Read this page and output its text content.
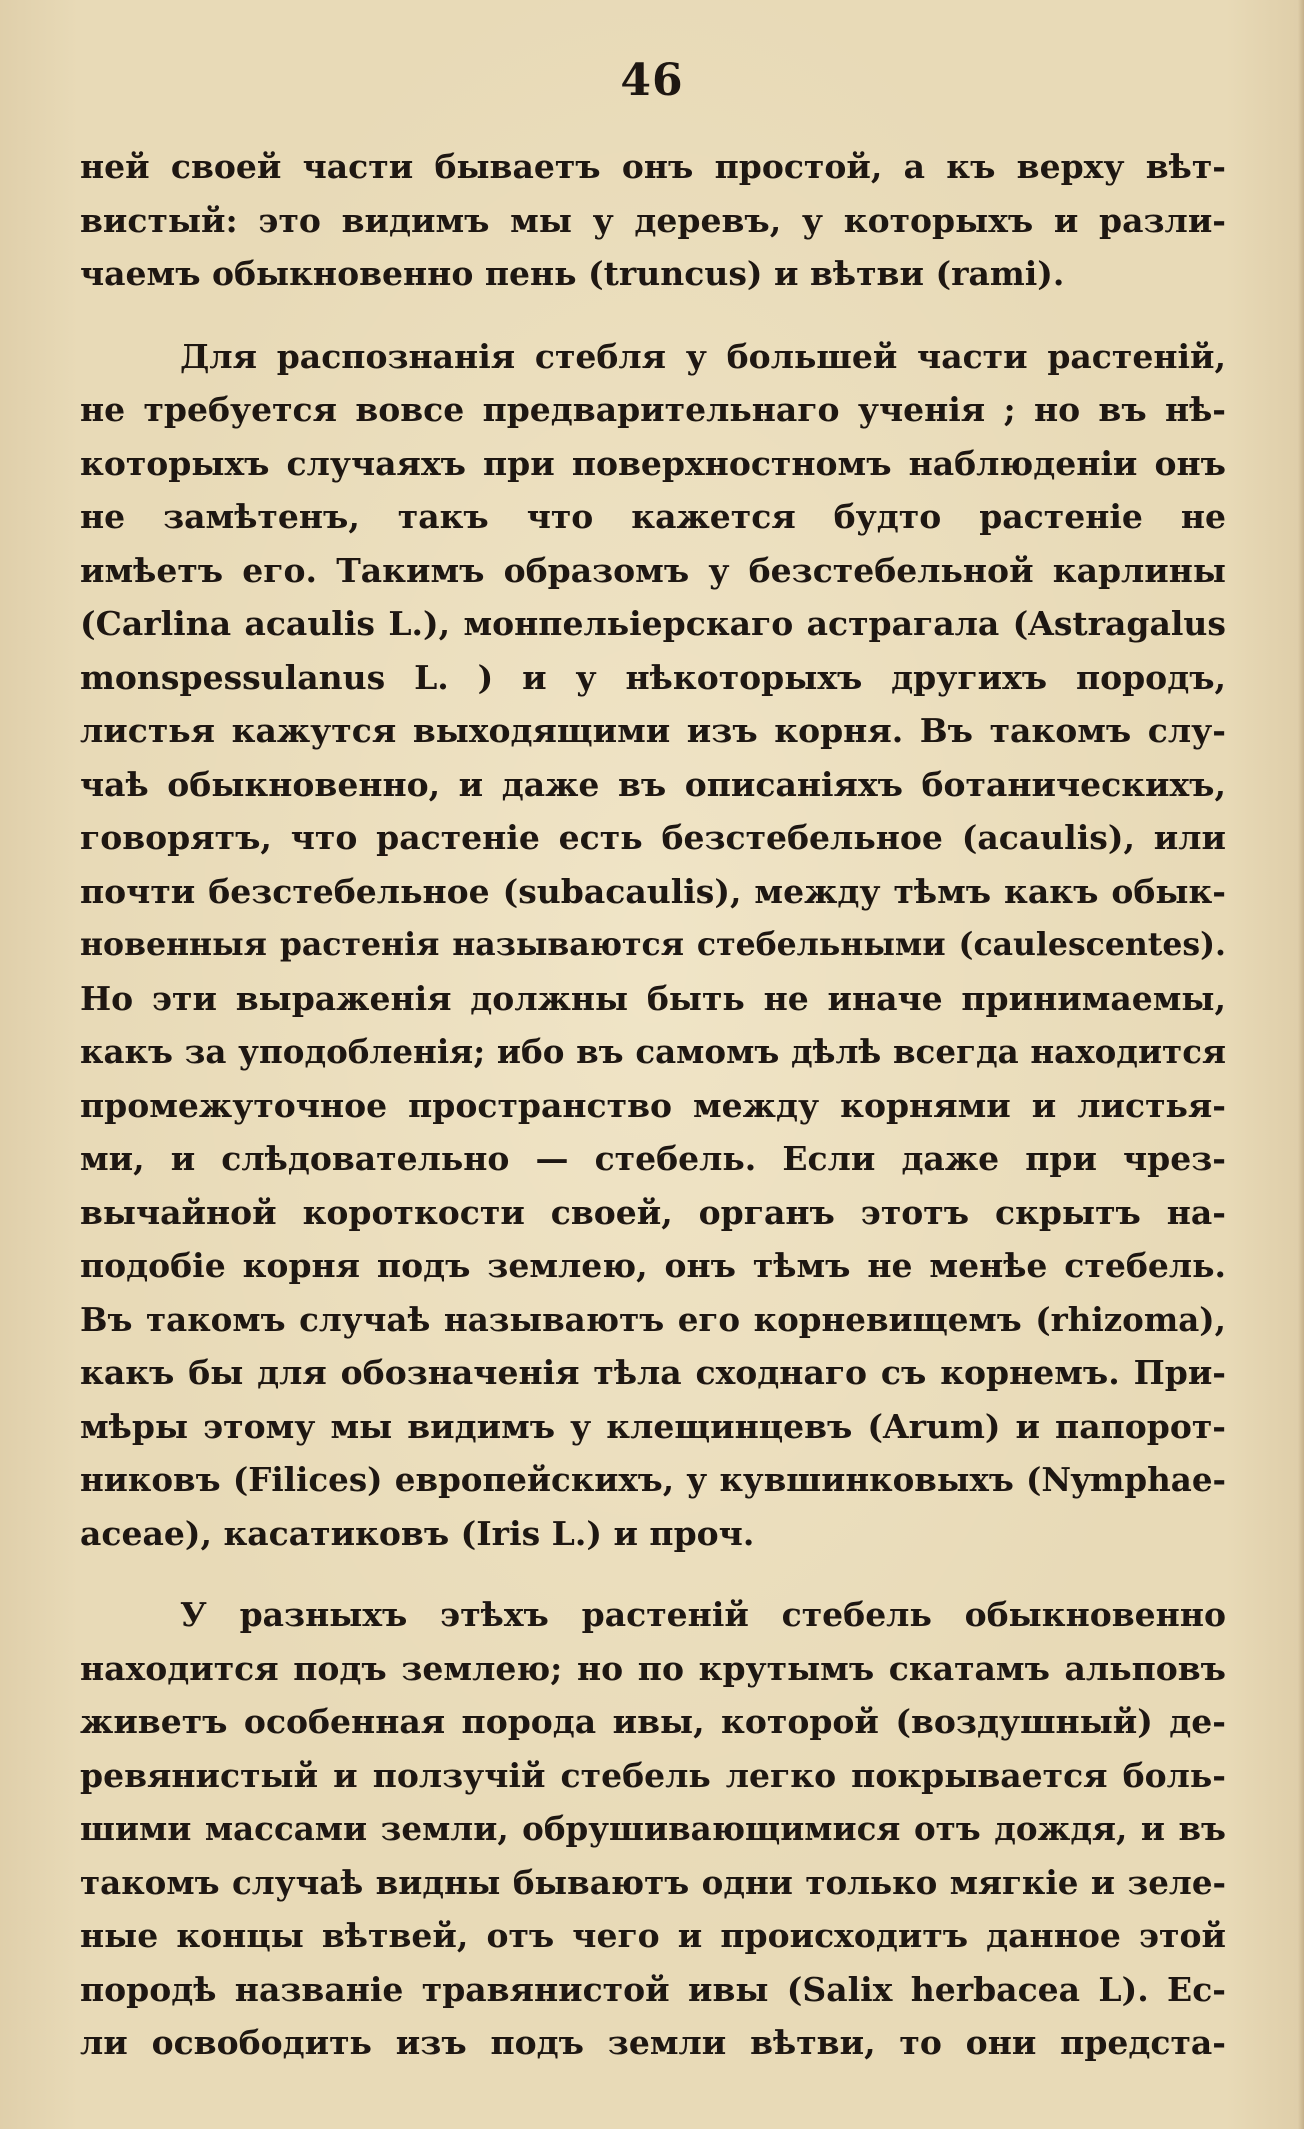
46
ней своей части бываетъ онъ простой, а къ верху вѣт-
вистый: это видимъ мы у деревъ, у которыхъ и разли-
чаемъ обыкновенно пень (truncus) и вѣтви (rami).
Для распознанія стебля у большей части растеній,
не требуется вовсе предварительнаго ученія ; но въ нѣ-
которыхъ случаяхъ при поверхностномъ наблюденіи онъ
не замѣтенъ, такъ что кажется будто растеніе не
имѣетъ его. Такимъ образомъ у безстебельной карлины
(Carlina acaulis L.), монпельіерскаго астрагала (Astragalus
monspessulanus L. ) и у нѣкоторыхъ другихъ породъ,
листья кажутся выходящими изъ корня. Въ такомъ слу-
чаѣ обыкновенно, и даже въ описаніяхъ ботаническихъ,
говорятъ, что растеніе есть безстебельное (acaulis), или
почти безстебельное (subacaulis), между тѣмъ какъ обык-
новенныя растенія называются стебельными (caulescentes).
Но эти выраженія должны быть не иначе принимаемы,
какъ за уподобленія; ибо въ самомъ дѣлѣ всегда находится
промежуточное пространство между корнями и листья-
ми, и слѣдовательно — стебель. Если даже при чрез-
вычайной короткости своей, органъ этотъ скрытъ на-
подобіе корня подъ землею, онъ тѣмъ не менѣе стебель.
Въ такомъ случаѣ называютъ его корневищемъ (rhizoma),
какъ бы для обозначенія тѣла сходнаго съ корнемъ. При-
мѣры этому мы видимъ у клещинцевъ (Arum) и папорот-
никовъ (Filices) европейскихъ, у кувшинковыхъ (Nymphae-
aceae), касатиковъ (Iris L.) и проч.
У разныхъ этѣхъ растеній стебель обыкновенно
находится подъ землею; но по крутымъ скатамъ альповъ
живетъ особенная порода ивы, которой (воздушный) де-
ревянистый и ползучій стебель легко покрывается боль-
шими массами земли, обрушивающимися отъ дождя, и въ
такомъ случаѣ видны бываютъ одни только мягкіе и зеле-
ные концы вѣтвей, отъ чего и происходитъ данное этой
породѣ названіе травянистой ивы (Salix herbacea L). Ес-
ли освободить изъ подъ земли вѣтви, то они предста-
